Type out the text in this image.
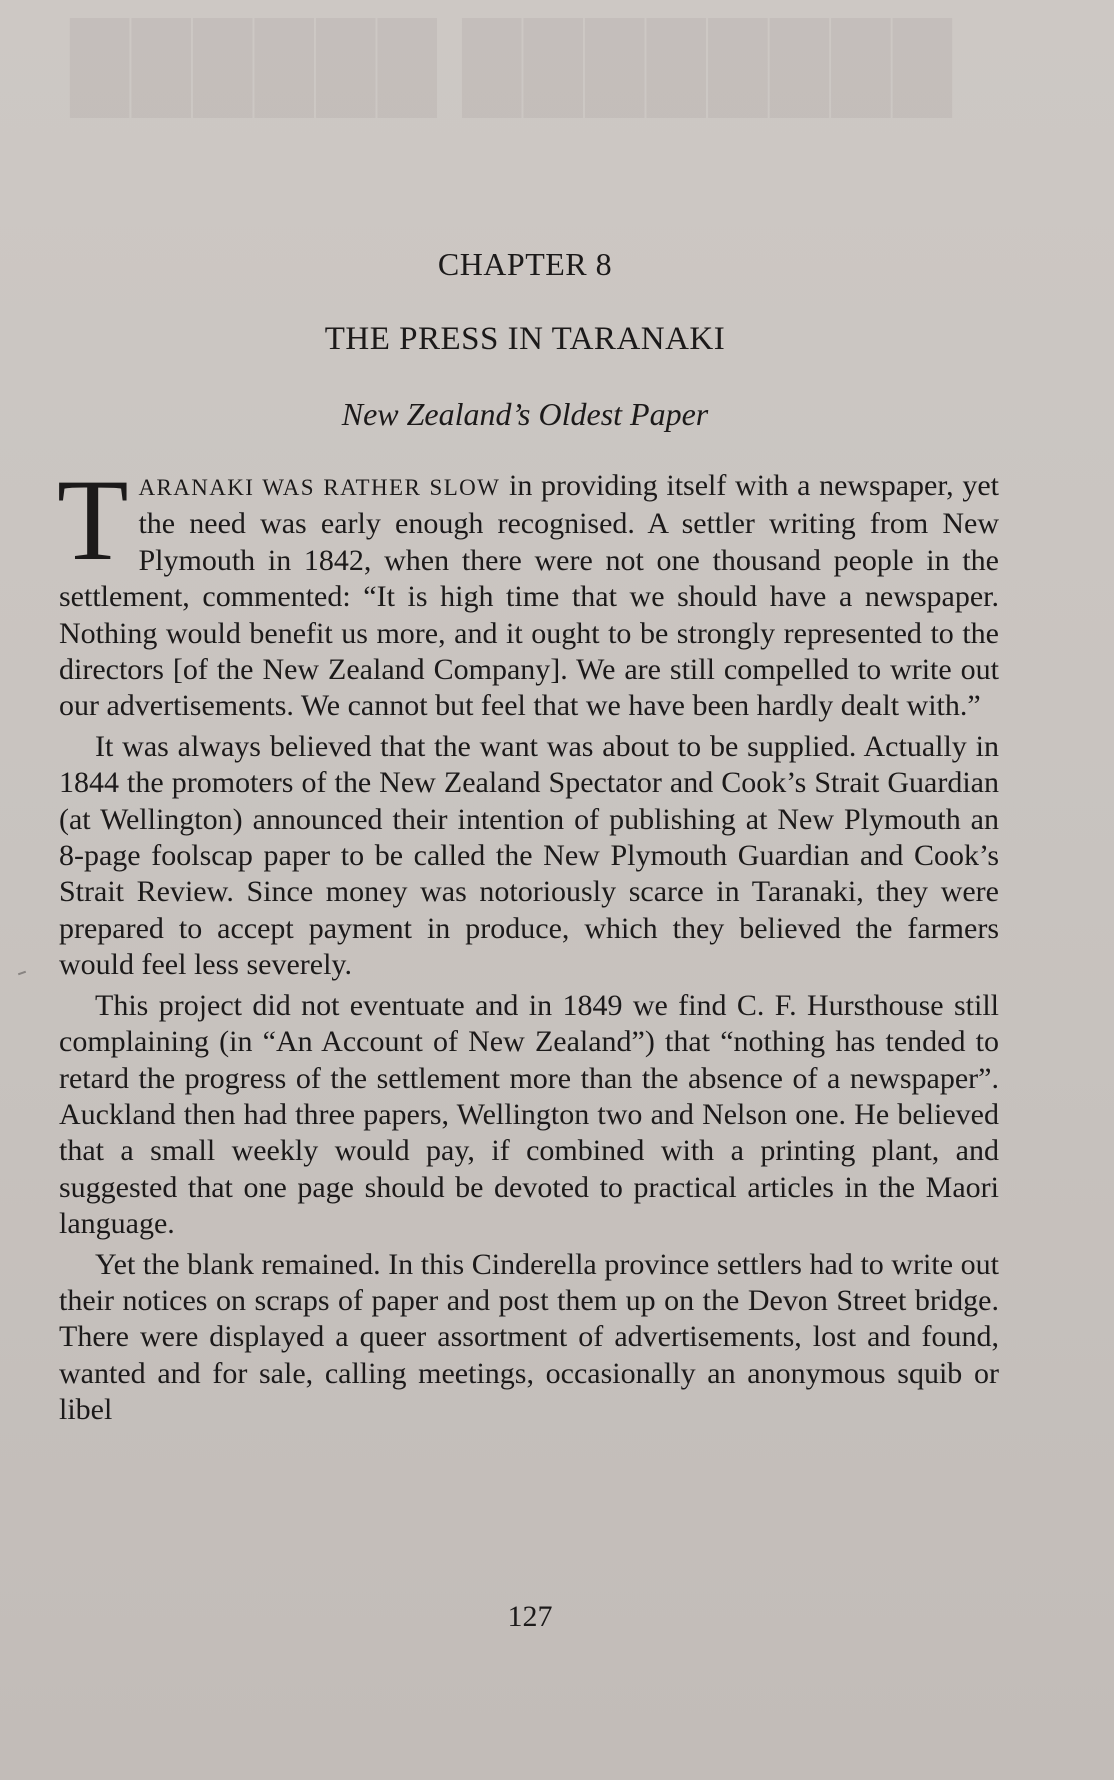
████████ ██████
CHAPTER 8
THE PRESS IN TARANAKI
New Zealand’s Oldest Paper

TARANAKI WAS RATHER SLOW in providing itself with a newspaper, yet the need was early enough recognised. A settler writing from New Plymouth in 1842, when there were not one thousand people in the settlement, commented: “It is high time that we should have a newspaper. Nothing would benefit us more, and it ought to be strongly represented to the directors [of the New Zealand Company]. We are still compelled to write out our advertisements. We cannot but feel that we have been hardly dealt with.”

It was always believed that the want was about to be supplied. Actually in 1844 the promoters of the New Zealand Spectator and Cook’s Strait Guardian (at Wellington) announced their intention of publishing at New Plymouth an 8-page foolscap paper to be called the New Plymouth Guardian and Cook’s Strait Review. Since money was notoriously scarce in Taranaki, they were prepared to accept payment in produce, which they believed the farmers would feel less severely.

This project did not eventuate and in 1849 we find C. F. Hursthouse still complaining (in “An Account of New Zealand”) that “nothing has tended to retard the progress of the settlement more than the absence of a newspaper”. Auckland then had three papers, Wellington two and Nelson one. He believed that a small weekly would pay, if combined with a printing plant, and suggested that one page should be devoted to practical articles in the Maori language.

Yet the blank remained. In this Cinderella province settlers had to write out their notices on scraps of paper and post them up on the Devon Street bridge. There were displayed a queer assortment of advertisements, lost and found, wanted and for sale, calling meetings, occasionally an anonymous squib or libel

127
